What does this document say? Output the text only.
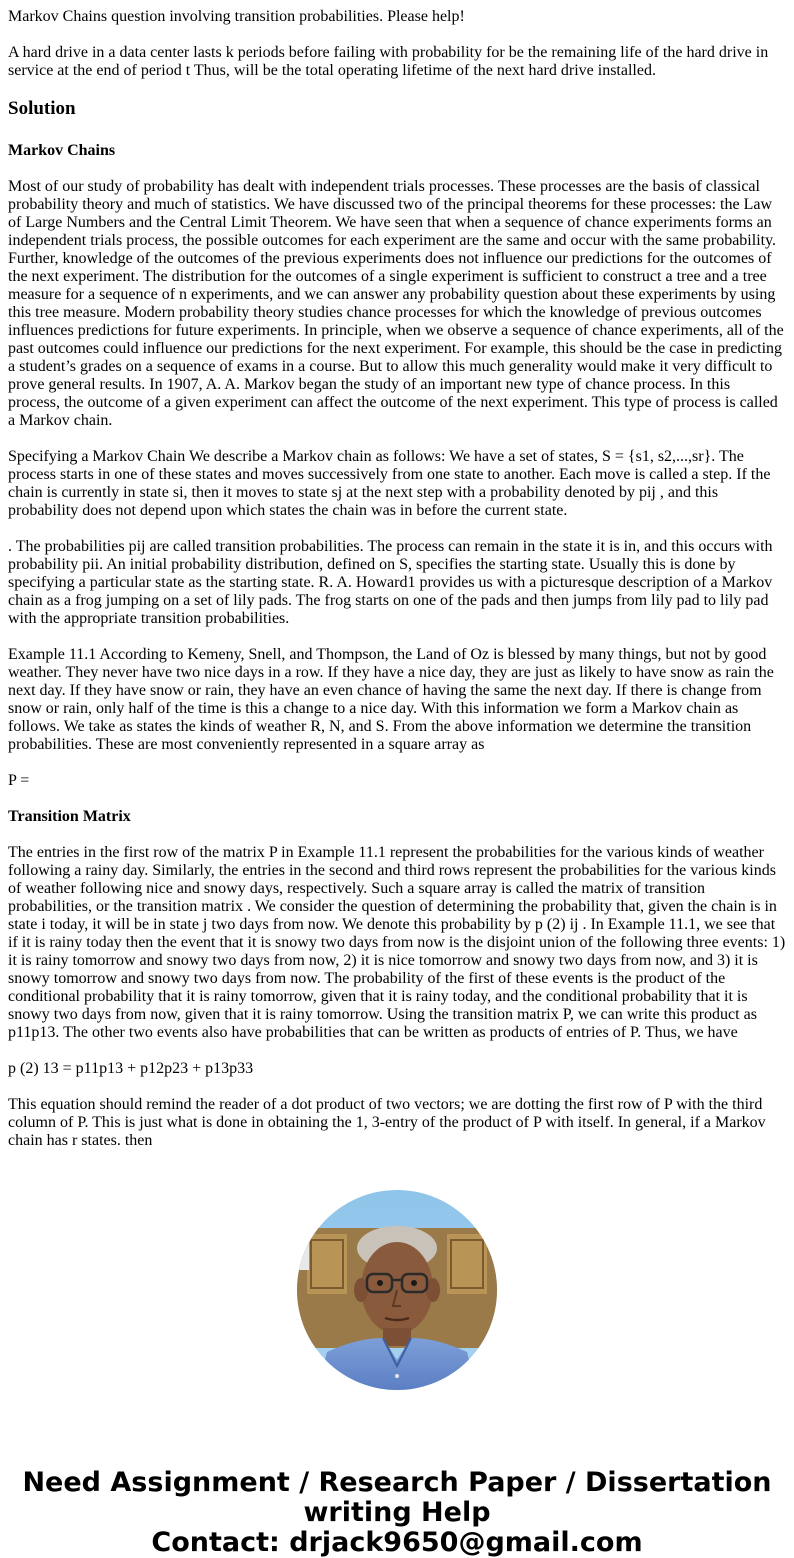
Markov Chains question involving transition probabilities. Please help!

A hard drive in a data center lasts k periods before failing with probability for be the remaining life of the hard drive in service at the end of period t Thus, will be the total operating lifetime of the next hard drive installed.

Solution
Markov Chains

Most of our study of probability has dealt with independent trials processes. These processes are the basis of classical probability theory and much of statistics. We have discussed two of the principal theorems for these processes: the Law of Large Numbers and the Central Limit Theorem. We have seen that when a sequence of chance experiments forms an independent trials process, the possible outcomes for each experiment are the same and occur with the same probability. Further, knowledge of the outcomes of the previous experiments does not influence our predictions for the outcomes of the next experiment. The distribution for the outcomes of a single experiment is sufficient to construct a tree and a tree measure for a sequence of n experiments, and we can answer any probability question about these experiments by using this tree measure. Modern probability theory studies chance processes for which the knowledge of previous outcomes influences predictions for future experiments. In principle, when we observe a sequence of chance experiments, all of the past outcomes could influence our predictions for the next experiment. For example, this should be the case in predicting a student’s grades on a sequence of exams in a course. But to allow this much generality would make it very difficult to prove general results. In 1907, A. A. Markov began the study of an important new type of chance process. In this process, the outcome of a given experiment can affect the outcome of the next experiment. This type of process is called a Markov chain.

Specifying a Markov Chain We describe a Markov chain as follows: We have a set of states, S = {s1, s2,...,sr}. The process starts in one of these states and moves successively from one state to another. Each move is called a step. If the chain is currently in state si, then it moves to state sj at the next step with a probability denoted by pij , and this probability does not depend upon which states the chain was in before the current state.

. The probabilities pij are called transition probabilities. The process can remain in the state it is in, and this occurs with probability pii. An initial probability distribution, defined on S, specifies the starting state. Usually this is done by specifying a particular state as the starting state. R. A. Howard1 provides us with a picturesque description of a Markov chain as a frog jumping on a set of lily pads. The frog starts on one of the pads and then jumps from lily pad to lily pad with the appropriate transition probabilities.

Example 11.1 According to Kemeny, Snell, and Thompson, the Land of Oz is blessed by many things, but not by good weather. They never have two nice days in a row. If they have a nice day, they are just as likely to have snow as rain the next day. If they have snow or rain, they have an even chance of having the same the next day. If there is change from snow or rain, only half of the time is this a change to a nice day. With this information we form a Markov chain as follows. We take as states the kinds of weather R, N, and S. From the above information we determine the transition probabilities. These are most conveniently represented in a square array as

P =

Transition Matrix

The entries in the first row of the matrix P in Example 11.1 represent the probabilities for the various kinds of weather following a rainy day. Similarly, the entries in the second and third rows represent the probabilities for the various kinds of weather following nice and snowy days, respectively. Such a square array is called the matrix of transition probabilities, or the transition matrix . We consider the question of determining the probability that, given the chain is in state i today, it will be in state j two days from now. We denote this probability by p (2) ij . In Example 11.1, we see that if it is rainy today then the event that it is snowy two days from now is the disjoint union of the following three events: 1) it is rainy tomorrow and snowy two days from now, 2) it is nice tomorrow and snowy two days from now, and 3) it is snowy tomorrow and snowy two days from now. The probability of the first of these events is the product of the conditional probability that it is rainy tomorrow, given that it is rainy today, and the conditional probability that it is snowy two days from now, given that it is rainy tomorrow. Using the transition matrix P, we can write this product as p11p13. The other two events also have probabilities that can be written as products of entries of P. Thus, we have

p (2) 13 = p11p13 + p12p23 + p13p33

This equation should remind the reader of a dot product of two vectors; we are dotting the first row of P with the third column of P. This is just what is done in obtaining the 1, 3-entry of the product of P with itself. In general, if a Markov chain has r states. then

Need Assignment / Research Paper / Dissertation writing Help
Contact: drjack9650@gmail.com
